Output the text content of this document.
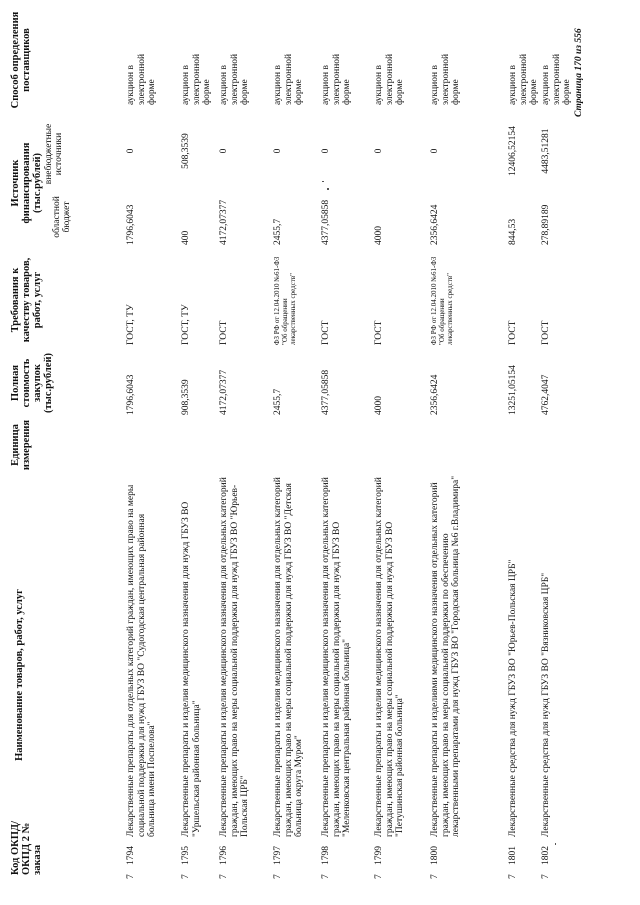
Код ОКПД/ ОКПД 2 № заказа
Наименование товаров, работ, услуг
Единица измерения
Полная стоимость закупок (тыс.рублей)
Требования к качеству товаров, работ, услуг
Источник финансирования (тыс.рублей)
областной бюджет
внебюджетные источники
Способ определения поставщиков
7
1794
Лекарственные препараты для отдельных категорий граждан, имеющих право на меры социальной поддержки для нужд ГБУЗ ВО "Судогодская центральная районная больница имени Поспелова"
1796,6043
ГОСТ, ТУ
1796,6043
0
аукцион в электронной форме
7
1795
Лекарственные препараты и изделия медицинского назначения для нужд ГБУЗ ВО "Уршельская районная больница"
908,3539
ГОСТ, ТУ
400
508,3539
аукцион в электронной форме
7
1796
Лекарственные препараты и изделия медицинского назначения для отдельных категорий граждан, имеющих право на меры социальной поддержки для нужд ГБУЗ ВО "Юрьев-Польская ЦРБ"
4172,07377
ГОСТ
4172,07377
0
аукцион в электронной форме
7
1797
Лекарственные препараты и изделия медицинского назначения для отдельных категорий граждан, имеющих право на меры социальной поддержки для нужд ГБУЗ ВО "Детская больница округа Муром"
2455,7
ФЗ РФ от 12.04.2010 №61-ФЗ "Об обращении лекарственных средств"
2455,7
0
аукцион в электронной форме
7
1798
Лекарственные препараты и изделия медицинского назначения для отдельных категорий граждан, имеющих право на меры социальной поддержки для нужд ГБУЗ ВО "Меленковская центральная районная больница"
4377,05858
ГОСТ
4377,05858
0
аукцион в электронной форме
7
1799
Лекарственные препараты и изделия медицинского назначения для отдельных категорий граждан, имеющих право на меры социальной поддержки для нужд ГБУЗ ВО "Петушинская районная больница"
4000
ГОСТ
4000
0
аукцион в электронной форме
7
1800
Лекарственные препараты и изделиями медицинского назначения отдельных категорий граждан, имеющих право на меры социальной поддержки по обеспечению лекарственными препаратами для нужд ГБУЗ ВО "Городская больница №6 г.Владимира"
2356,6424
ФЗ РФ от 12.04.2010 №61-ФЗ "Об обращении лекарственных средств"
2356,6424
0
аукцион в электронной форме
7
1801
Лекарственные средства для нужд ГБУЗ ВО "Юрьев-Польская ЦРБ"
13251,05154
ГОСТ
844,53
12406,52154
аукцион в электронной форме
7
1802
Лекарственные средства для нужд ГБУЗ ВО "Вязниковская ЦРБ"
4762,4047
ГОСТ
278,89189
4483,51281
аукцион в электронной форме Страница 170 из 556
